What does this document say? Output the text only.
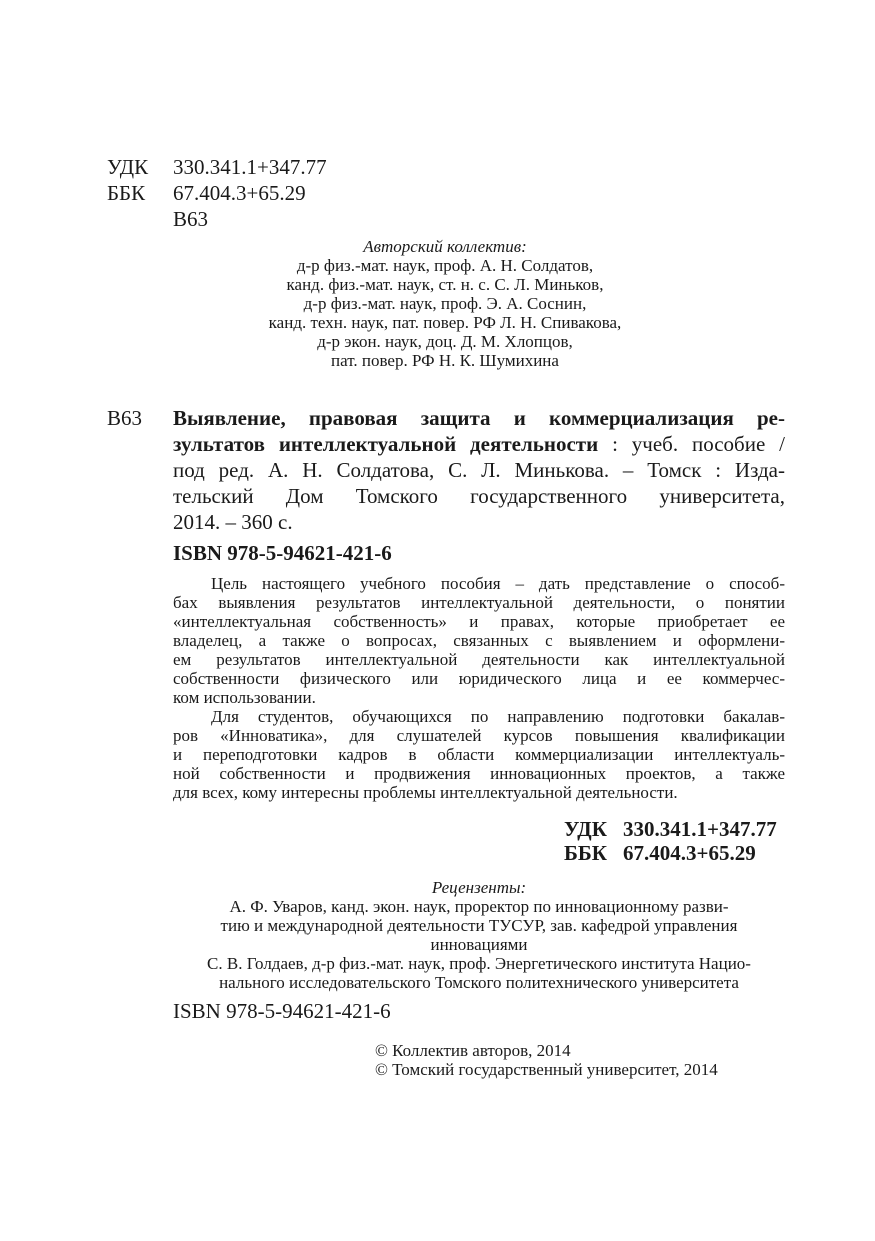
УДК 330.341.1+347.77
ББК 67.404.3+65.29
В63
Авторский коллектив:
д-р физ.-мат. наук, проф. А. Н. Солдатов,
канд. физ.-мат. наук, ст. н. с. С. Л. Миньков,
д-р физ.-мат. наук, проф. Э. А. Соснин,
канд. техн. наук, пат. повер. РФ Л. Н. Спивакова,
д-р экон. наук, доц. Д. М. Хлопцов,
пат. повер. РФ Н. К. Шумихина
В63 Выявление, правовая защита и коммерциализация ре-
зультатов интеллектуальной деятельности : учеб. пособие /
под ред. А. Н. Солдатова, С. Л. Минькова. – Томск : Изда-
тельский Дом Томского государственного университета,
2014. – 360 с.
ISBN 978-5-94621-421-6

Цель настоящего учебного пособия – дать представление о способ-

бах выявления результатов интеллектуальной деятельности, о понятии

«интеллектуальная собственность» и правах, которые приобретает ее

владелец, а также о вопросах, связанных с выявлением и оформлени-

ем результатов интеллектуальной деятельности как интеллектуальной

собственности физического или юридического лица и ее коммерчес-

ком использовании.

Для студентов, обучающихся по направлению подготовки бакалав-

ров «Инноватика», для слушателей курсов повышения квалификации

и переподготовки кадров в области коммерциализации интеллектуаль-

ной собственности и продвижения инновационных проектов, а также

для всех, кому интересны проблемы интеллектуальной деятельности.

УДК 330.341.1+347.77
ББК 67.404.3+65.29
Рецензенты:
А. Ф. Уваров, канд. экон. наук, проректор по инновационному разви-
тию и международной деятельности ТУСУР, зав. кафедрой управления
инновациями
С. В. Голдаев, д-р физ.-мат. наук, проф. Энергетического института Нацио-
нального исследовательского Томского политехнического университета
ISBN 978-5-94621-421-6
© Коллектив авторов, 2014
© Томский государственный университет, 2014
